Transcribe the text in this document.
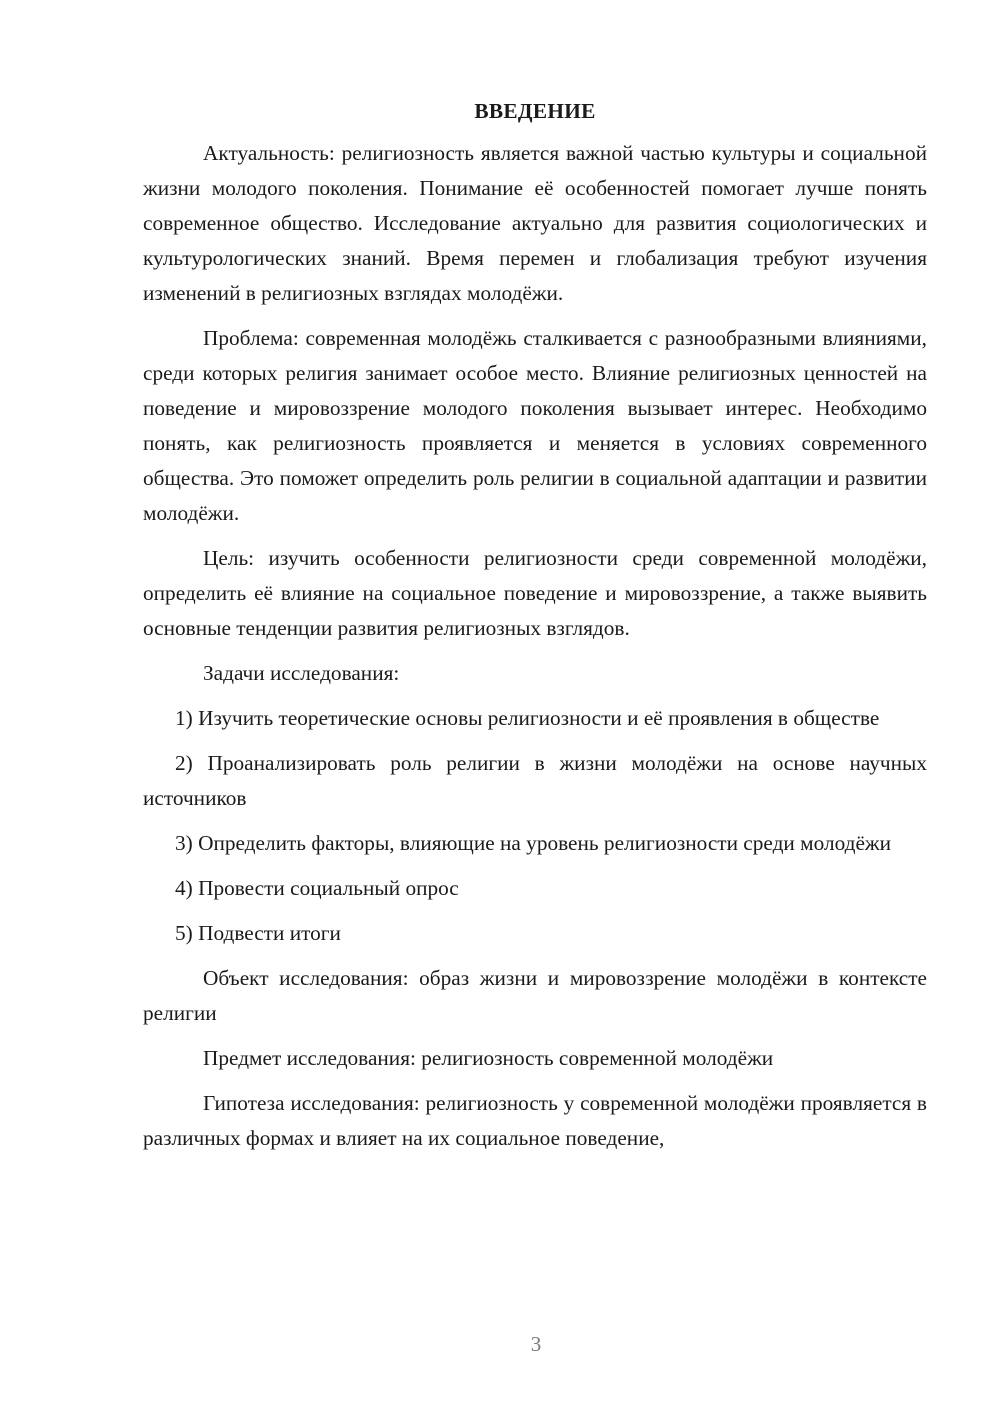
ВВЕДЕНИЕ

Актуальность: религиозность является важной частью культуры и социальной жизни молодого поколения. Понимание её особенностей помогает лучше понять современное общество. Исследование актуально для развития социологических и культурологических знаний. Время перемен и глобализация требуют изучения изменений в религиозных взглядах молодёжи.

Проблема: современная молодёжь сталкивается с разнообразными влияниями, среди которых религия занимает особое место. Влияние религиозных ценностей на поведение и мировоззрение молодого поколения вызывает интерес. Необходимо понять, как религиозность проявляется и меняется в условиях современного общества. Это поможет определить роль религии в социальной адаптации и развитии молодёжи.

Цель: изучить особенности религиозности среди современной молодёжи, определить её влияние на социальное поведение и мировоззрение, а также выявить основные тенденции развития религиозных взглядов.

Задачи исследования:

1) Изучить теоретические основы религиозности и её проявления в обществе

2) Проанализировать роль религии в жизни молодёжи на основе научных источников

3) Определить факторы, влияющие на уровень религиозности среди молодёжи

4) Провести социальный опрос

5) Подвести итоги

Объект исследования: образ жизни и мировоззрение молодёжи в контексте религии

Предмет исследования: религиозность современной молодёжи

Гипотеза исследования: религиозность у современной молодёжи проявляется в различных формах и влияет на их социальное поведение,

3
